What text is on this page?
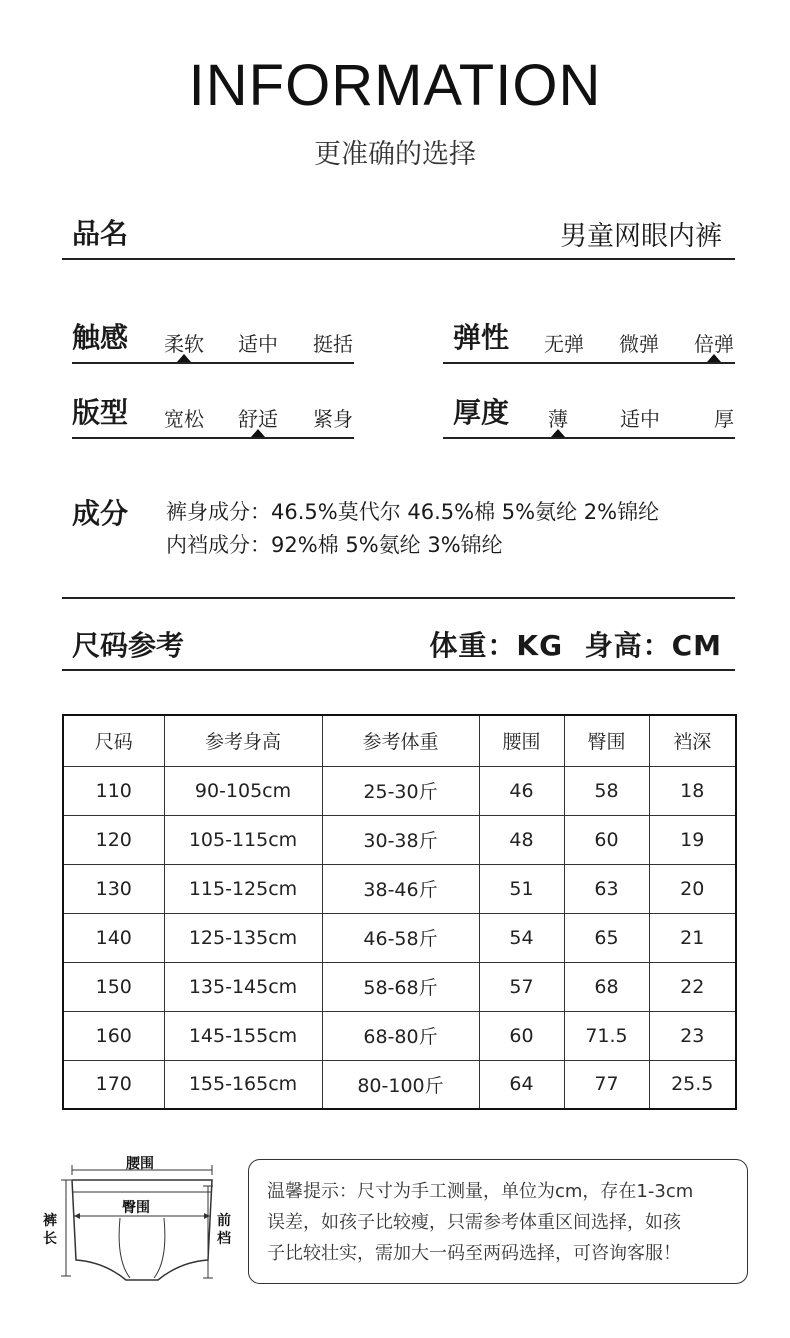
INFORMATION
更准确的选择
品名	男童网眼内裤
触感 柔软 适中 挺括	弹性 无弹 微弹 倍弹
版型 宽松 舒适 紧身	厚度 薄	适中	厚
成分 裤身成分：46.5%莫代尔 46.5%棉 5%氨纶 2%锦纶
内裆成分：92%棉 5%氨纶 3%锦纶
尺码参考	体重：KG  身高：CM
尺码	参考身高	参考体重	腰围	臀围	裆深
110	90-105cm	25-30斤	46	58	18
120	105-115cm	30-38斤	48	60	19
130	115-125cm	38-46斤	51	63	20
140	125-135cm	46-58斤	54	65	21
150	135-145cm	58-68斤	57	68	22
160	145-155cm	68-80斤	60	71.5	23
170	155-165cm	80-100斤	64	77	25.5
腰围
臀围
裤
长
前
档
温馨提示：尺寸为手工测量，单位为cm，存在1-3cm
误差，如孩子比较瘦，只需参考体重区间选择，如孩
子比较壮实，需加大一码至两码选择，可咨询客服！
